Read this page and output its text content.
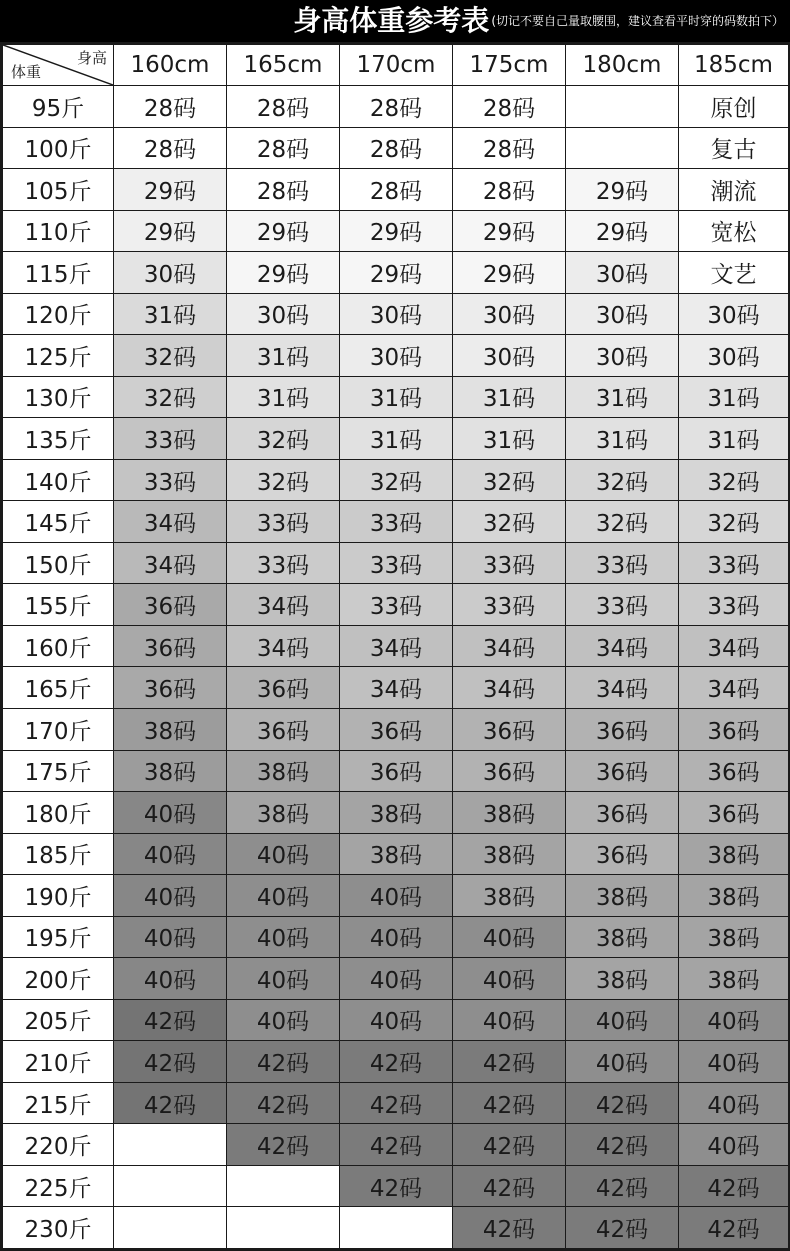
身高体重参考表 (切记不要自己量取腰围，建议查看平时穿的码数拍下）
身高
体重	160cm	165cm	170cm	175cm	180cm	185cm
95斤	28码	28码	28码	28码		原创
100斤	28码	28码	28码	28码		复古
105斤	29码	28码	28码	28码	29码	潮流
110斤	29码	29码	29码	29码	29码	宽松
115斤	30码	29码	29码	29码	30码	文艺
120斤	31码	30码	30码	30码	30码	30码
125斤	32码	31码	30码	30码	30码	30码
130斤	32码	31码	31码	31码	31码	31码
135斤	33码	32码	31码	31码	31码	31码
140斤	33码	32码	32码	32码	32码	32码
145斤	34码	33码	33码	32码	32码	32码
150斤	34码	33码	33码	33码	33码	33码
155斤	36码	34码	33码	33码	33码	33码
160斤	36码	34码	34码	34码	34码	34码
165斤	36码	36码	34码	34码	34码	34码
170斤	38码	36码	36码	36码	36码	36码
175斤	38码	38码	36码	36码	36码	36码
180斤	40码	38码	38码	38码	36码	36码
185斤	40码	40码	38码	38码	36码	38码
190斤	40码	40码	40码	38码	38码	38码
195斤	40码	40码	40码	40码	38码	38码
200斤	40码	40码	40码	40码	38码	38码
205斤	42码	40码	40码	40码	40码	40码
210斤	42码	42码	42码	42码	40码	40码
215斤	42码	42码	42码	42码	42码	40码
220斤		42码	42码	42码	42码	40码
225斤			42码	42码	42码	42码
230斤				42码	42码	42码
